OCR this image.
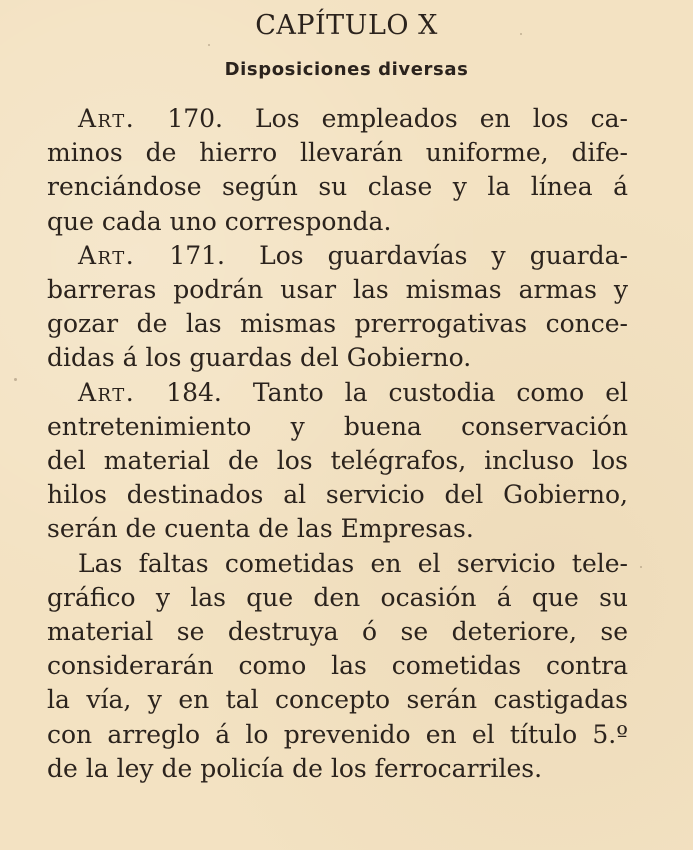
CAPÍTULO X
Disposiciones diversas
Art. 170. Los empleados en los ca-
minos de hierro llevarán uniforme, dife-
renciándose según su clase y la línea á
que cada uno corresponda.
Art. 171. Los guardavías y guarda-
barreras podrán usar las mismas armas y
gozar de las mismas prerrogativas conce-
didas á los guardas del Gobierno.
Art. 184. Tanto la custodia como el
entretenimiento y buena conservación
del material de los telégrafos, incluso los
hilos destinados al servicio del Gobierno,
serán de cuenta de las Empresas.
Las faltas cometidas en el servicio tele-
gráfico y las que den ocasión á que su
material se destruya ó se deteriore, se
considerarán como las cometidas contra
la vía, y en tal concepto serán castigadas
con arreglo á lo prevenido en el título 5.º
de la ley de policía de los ferrocarriles.
